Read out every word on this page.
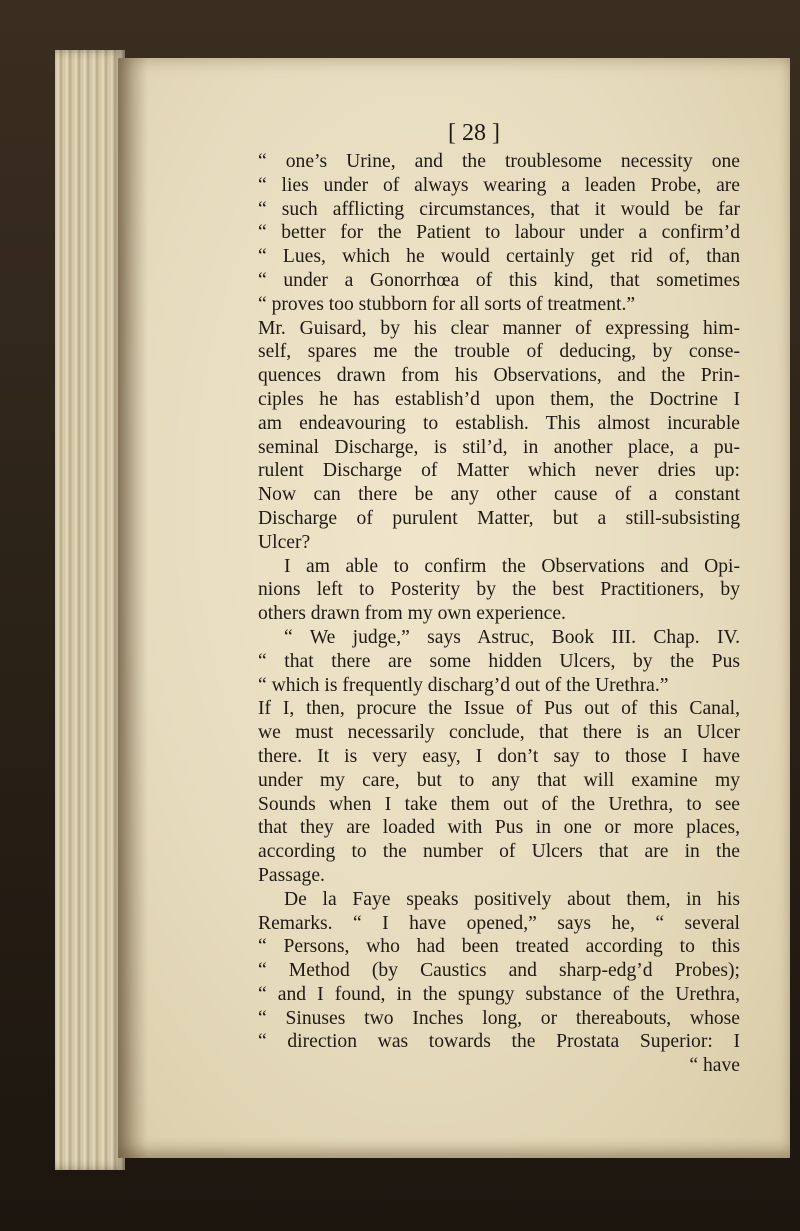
[ 28 ]
“ one’s Urine, and the troublesome necessity one
“ lies under of always wearing a leaden Probe, are
“ such afflicting circumstances, that it would be far
“ better for the Patient to labour under a confirm’d
“ Lues, which he would certainly get rid of, than
“ under a Gonorrhœa of this kind, that sometimes
“ proves too stubborn for all sorts of treatment.”
Mr. Guisard, by his clear manner of expressing him-
self, spares me the trouble of deducing, by conse-
quences drawn from his Observations, and the Prin-
ciples he has establish’d upon them, the Doctrine I
am endeavouring to establish. This almost incurable
seminal Discharge, is stil’d, in another place, a pu-
rulent Discharge of Matter which never dries up:
Now can there be any other cause of a constant
Discharge of purulent Matter, but a still-subsisting
Ulcer?
I am able to confirm the Observations and Opi-
nions left to Posterity by the best Practitioners, by
others drawn from my own experience.
“ We judge,” says Astruc, Book III. Chap. IV.
“ that there are some hidden Ulcers, by the Pus
“ which is frequently discharg’d out of the Urethra.”
If I, then, procure the Issue of Pus out of this Canal,
we must necessarily conclude, that there is an Ulcer
there. It is very easy, I don’t say to those I have
under my care, but to any that will examine my
Sounds when I take them out of the Urethra, to see
that they are loaded with Pus in one or more places,
according to the number of Ulcers that are in the
Passage.
De la Faye speaks positively about them, in his
Remarks. “ I have opened,” says he, “ several
“ Persons, who had been treated according to this
“ Method (by Caustics and sharp-edg’d Probes);
“ and I found, in the spungy substance of the Urethra,
“ Sinuses two Inches long, or thereabouts, whose
“ direction was towards the Prostata Superior: I
“ have
